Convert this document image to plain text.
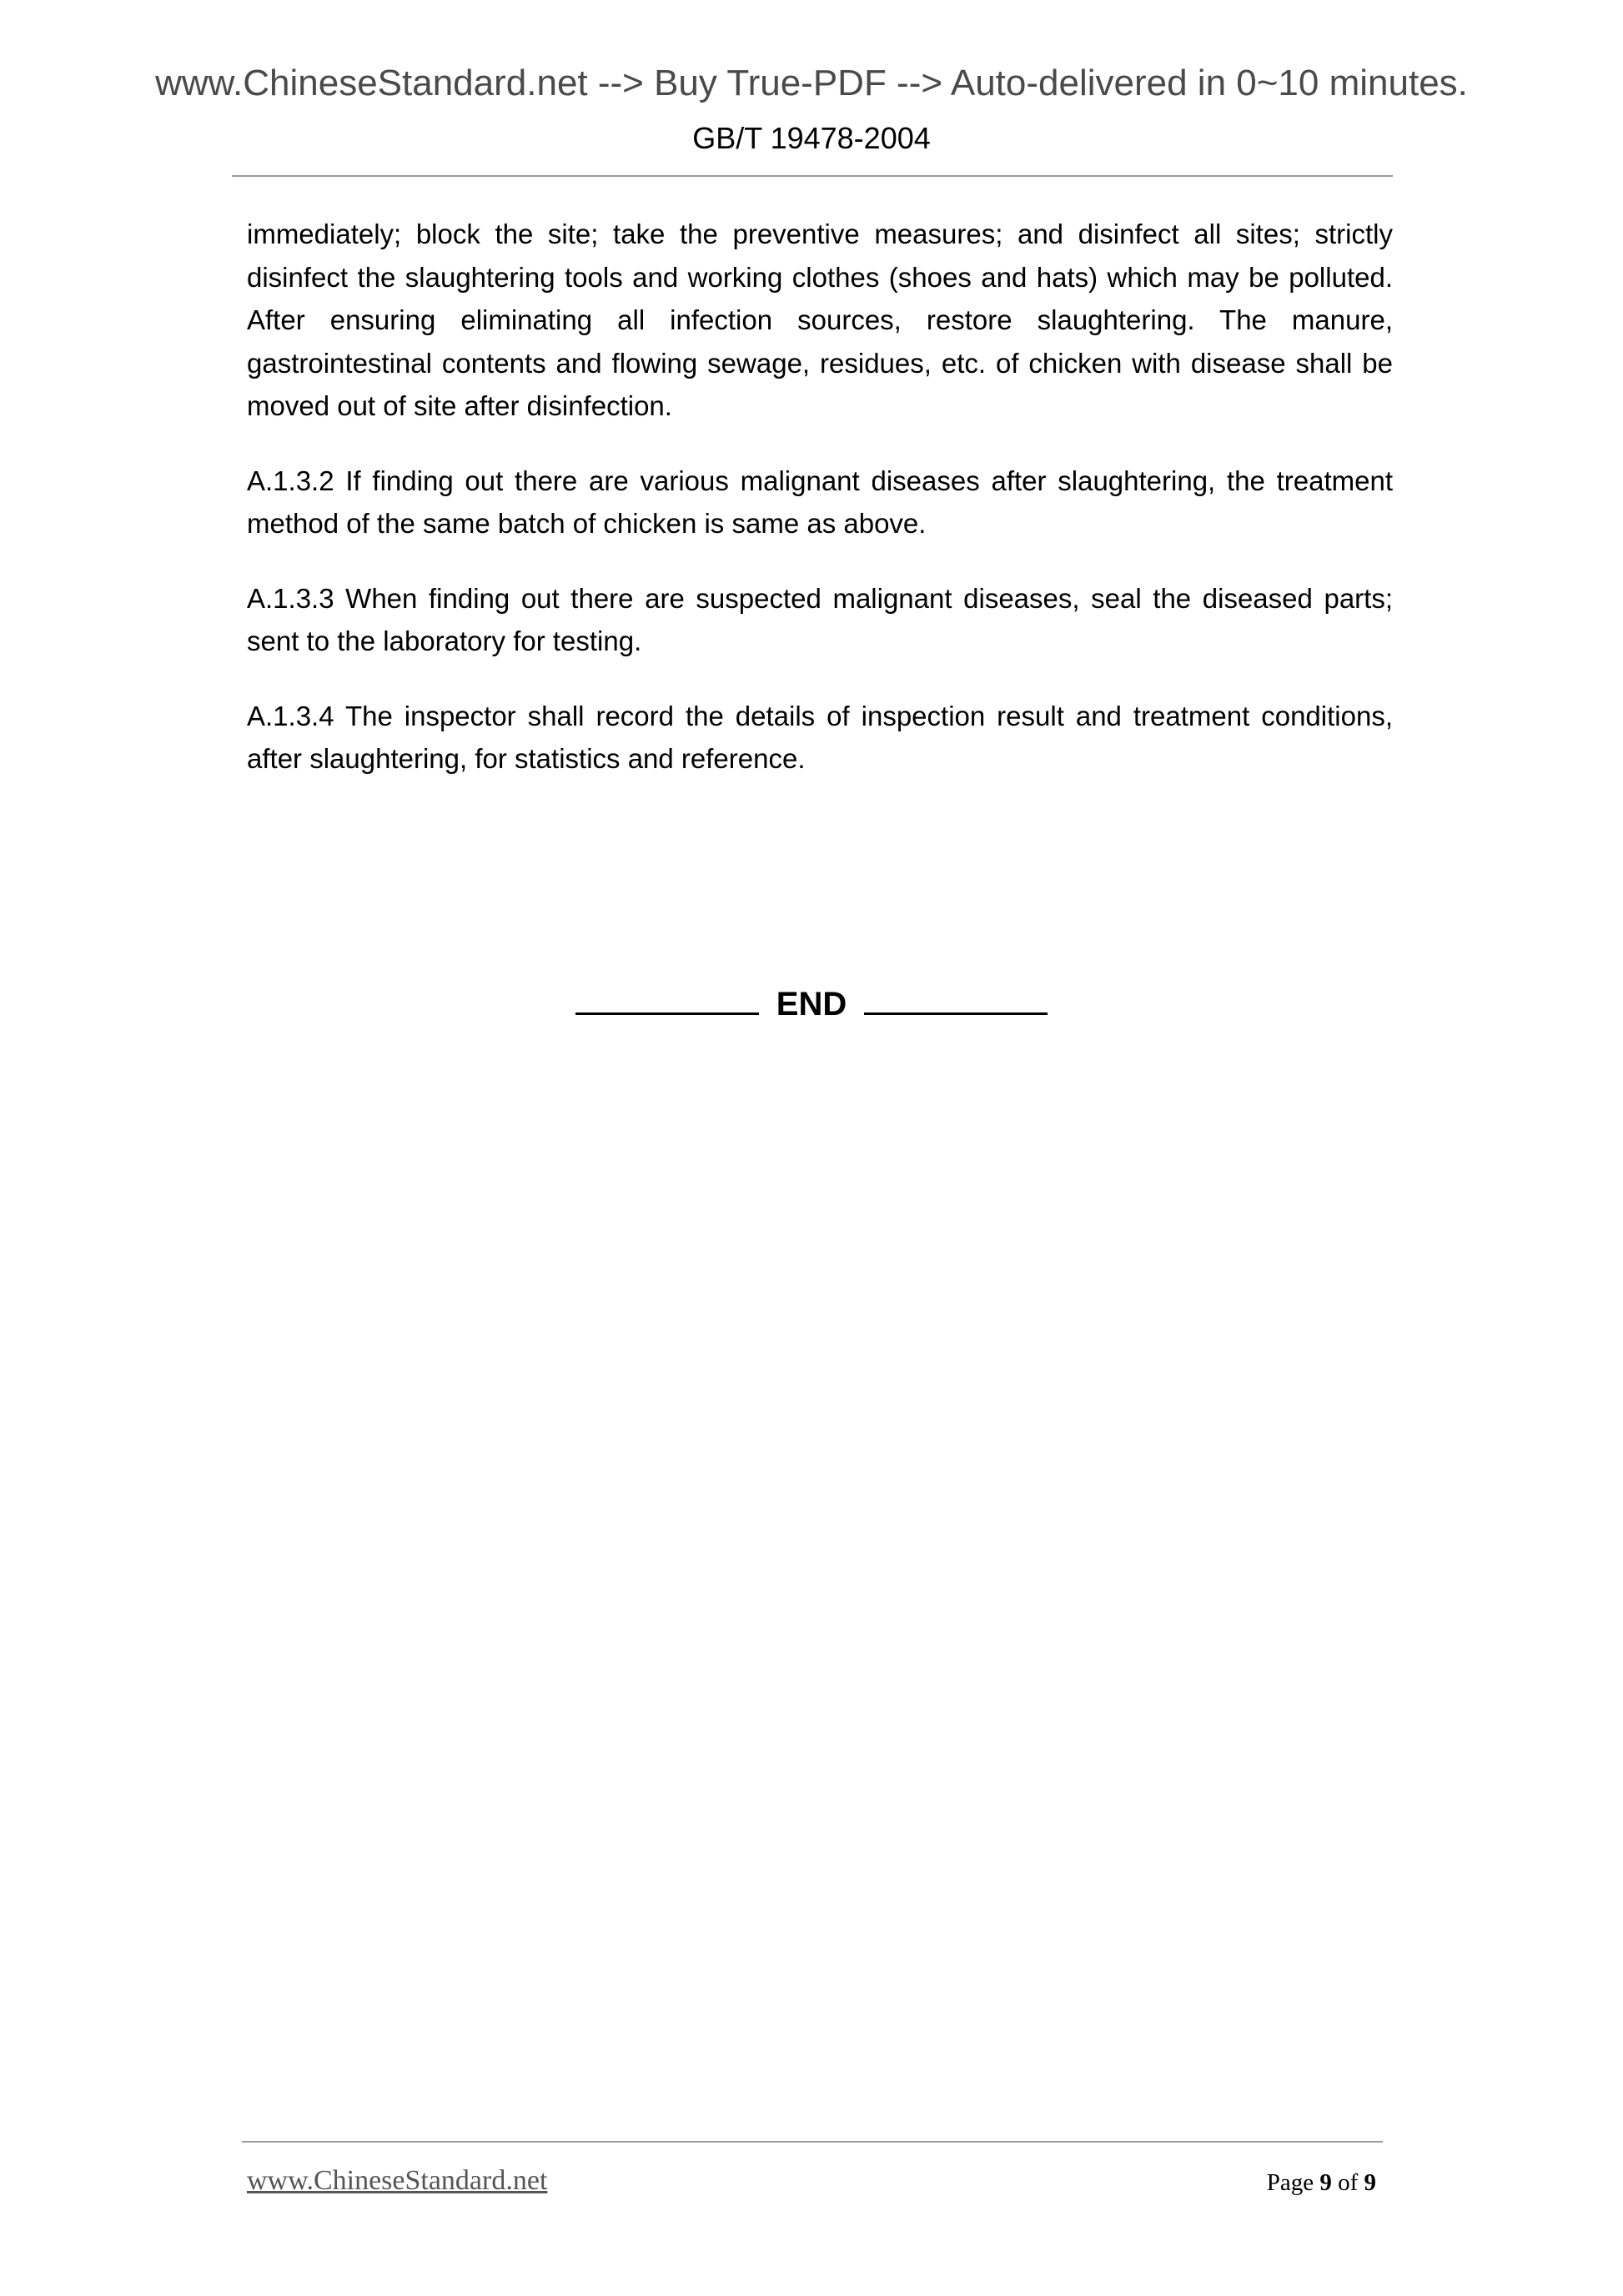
www.ChineseStandard.net --> Buy True-PDF --> Auto-delivered in 0~10 minutes.
GB/T 19478-2004

immediately; block the site; take the preventive measures; and disinfect all sites; strictly disinfect the slaughtering tools and working clothes (shoes and hats) which may be polluted. After ensuring eliminating all infection sources, restore slaughtering. The manure, gastrointestinal contents and flowing sewage, residues, etc. of chicken with disease shall be moved out of site after disinfection.

A.1.3.2 If finding out there are various malignant diseases after slaughtering, the treatment method of the same batch of chicken is same as above.

A.1.3.3 When finding out there are suspected malignant diseases, seal the diseased parts; sent to the laboratory for testing.

A.1.3.4 The inspector shall record the details of inspection result and treatment conditions, after slaughtering, for statistics and reference.

END
www.ChineseStandard.net	Page 9 of 9
